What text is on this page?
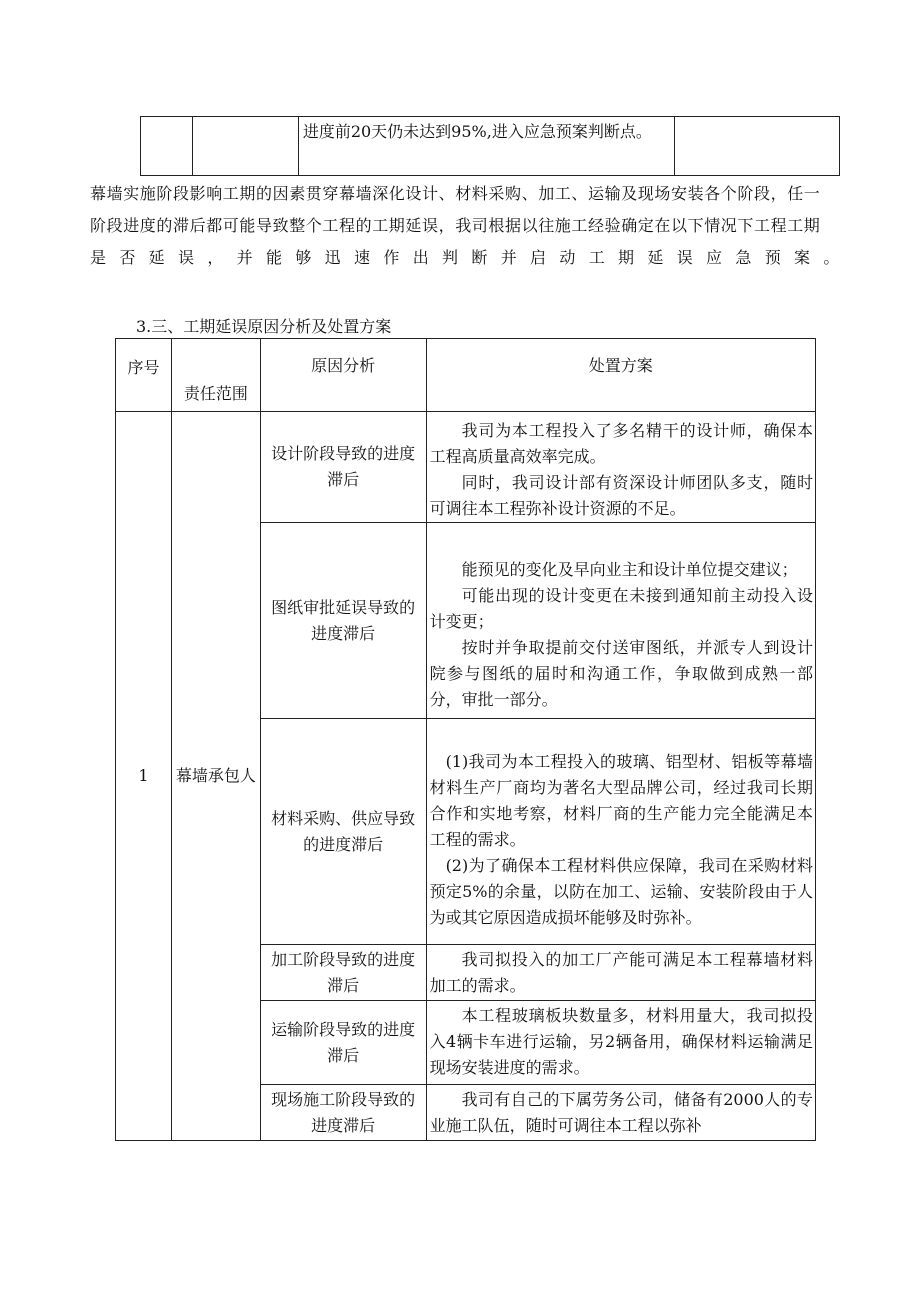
		进度前20天仍未达到95%,进入应急预案判断点。	
幕墙实施阶段影响工期的因素贯穿幕墙深化设计、材料采购、加工、运输及现场安装各个阶段，任一
阶段进度的滞后都可能导致整个工程的工期延误，我司根据以往施工经验确定在以下情况下工程工期
是否延误，并能够迅速作出判断并启动工期延误应急预案。
3.三、工期延误原因分析及处置方案
序号	责任范围	原因分析	处置方案
1	幕墙承包人	设计阶段导致的进度滞后	我司为本工程投入了多名精干的设计师，确保本工程高质量高效率完成。

同时，我司设计部有资深设计师团队多支，随时可调往本工程弥补设计资源的不足。

		图纸审批延误导致的进度滞后	能预见的变化及早向业主和设计单位提交建议；

可能出现的设计变更在未接到通知前主动投入设计变更；

按时并争取提前交付送审图纸，并派专人到设计院参与图纸的届时和沟通工作，争取做到成熟一部分，审批一部分。

		材料采购、供应导致的进度滞后	(1)我司为本工程投入的玻璃、铝型材、铝板等幕墙材料生产厂商均为著名大型品牌公司，经过我司长期合作和实地考察，材料厂商的生产能力完全能满足本工程的需求。

(2)为了确保本工程材料供应保障，我司在采购材料预定5%的余量，以防在加工、运输、安装阶段由于人为或其它原因造成损坏能够及时弥补。

		加工阶段导致的进度滞后	我司拟投入的加工厂产能可满足本工程幕墙材料加工的需求。

		运输阶段导致的进度滞后	本工程玻璃板块数量多，材料用量大，我司拟投入4辆卡车进行运输，另2辆备用，确保材料运输满足现场安装进度的需求。

		现场施工阶段导致的进度滞后	我司有自己的下属劳务公司，储备有2000人的专业施工队伍，随时可调往本工程以弥补
